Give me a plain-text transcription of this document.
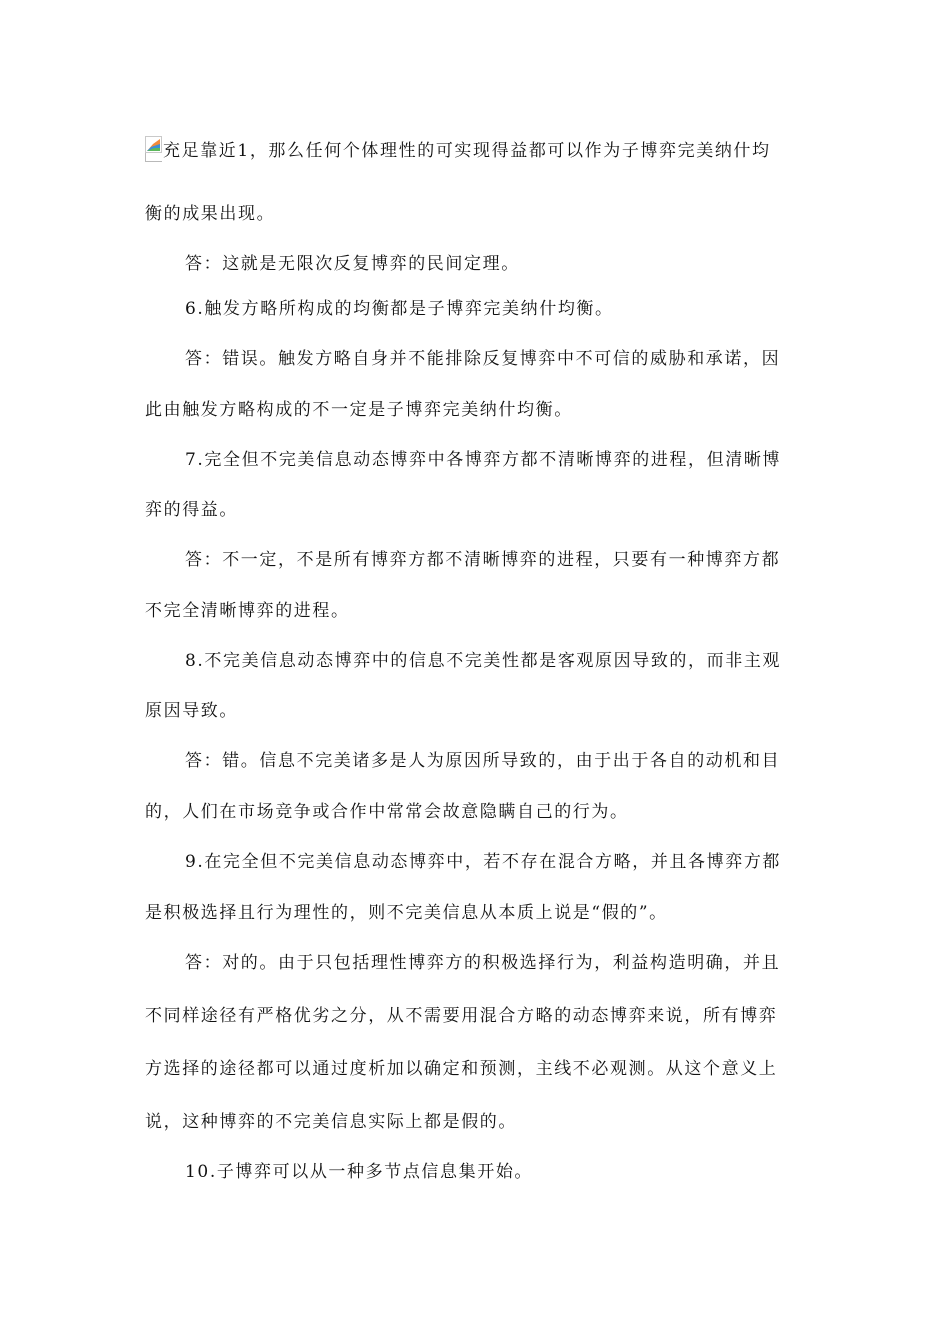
充足靠近1，那么任何个体理性的可实现得益都可以作为子博弈完美纳什均
衡的成果出现。
答：这就是无限次反复博弈的民间定理。
6.触发方略所构成的均衡都是子博弈完美纳什均衡。
答：错误。触发方略自身并不能排除反复博弈中不可信的威胁和承诺，因
此由触发方略构成的不一定是子博弈完美纳什均衡。
7.完全但不完美信息动态博弈中各博弈方都不清晰博弈的进程，但清晰博
弈的得益。
答：不一定，不是所有博弈方都不清晰博弈的进程，只要有一种博弈方都
不完全清晰博弈的进程。
8.不完美信息动态博弈中的信息不完美性都是客观原因导致的，而非主观
原因导致。
答：错。信息不完美诸多是人为原因所导致的，由于出于各自的动机和目
的，人们在市场竞争或合作中常常会故意隐瞒自己的行为。
9.在完全但不完美信息动态博弈中，若不存在混合方略，并且各博弈方都
是积极选择且行为理性的，则不完美信息从本质上说是“假的”。
答：对的。由于只包括理性博弈方的积极选择行为，利益构造明确，并且
不同样途径有严格优劣之分，从不需要用混合方略的动态博弈来说，所有博弈
方选择的途径都可以通过度析加以确定和预测，主线不必观测。从这个意义上
说，这种博弈的不完美信息实际上都是假的。
10.子博弈可以从一种多节点信息集开始。
